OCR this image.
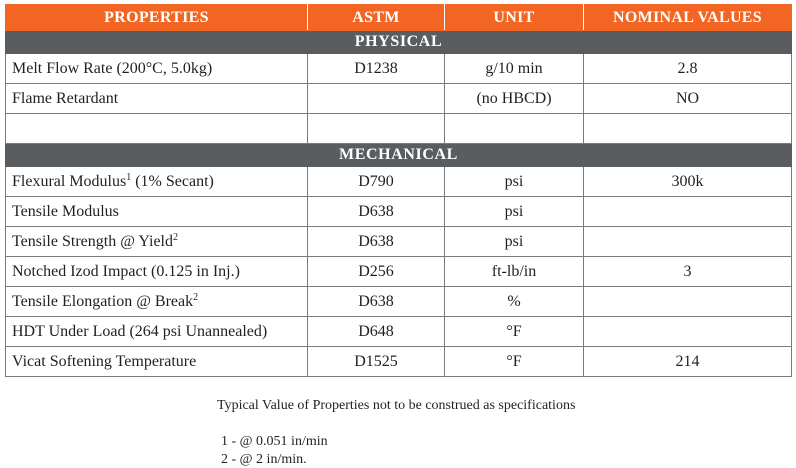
PROPERTIES	ASTM	UNIT	NOMINAL VALUES
PHYSICAL			
Melt Flow Rate (200°C, 5.0kg)	D1238	g/10 min	2.8
Flame Retardant		(no HBCD)	NO

MECHANICAL			
Flexural Modulus$^1$ (1% Secant)	D790	psi	300k
Tensile Modulus	D638	psi	
Tensile Strength @ Yield$^2$	D638	psi	
Notched Izod Impact (0.125 in Inj.)	D256	ft-lb/in	3
Tensile Elongation @ Break$^2$	D638	%	
HDT Under Load (264 psi Unannealed)	D648	°F	
Vicat Softening Temperature	D1525	°F	214
Typical Value of Properties not to be construed as specifications
1 - @ 0.051 in/min
2 - @ 2 in/min.
